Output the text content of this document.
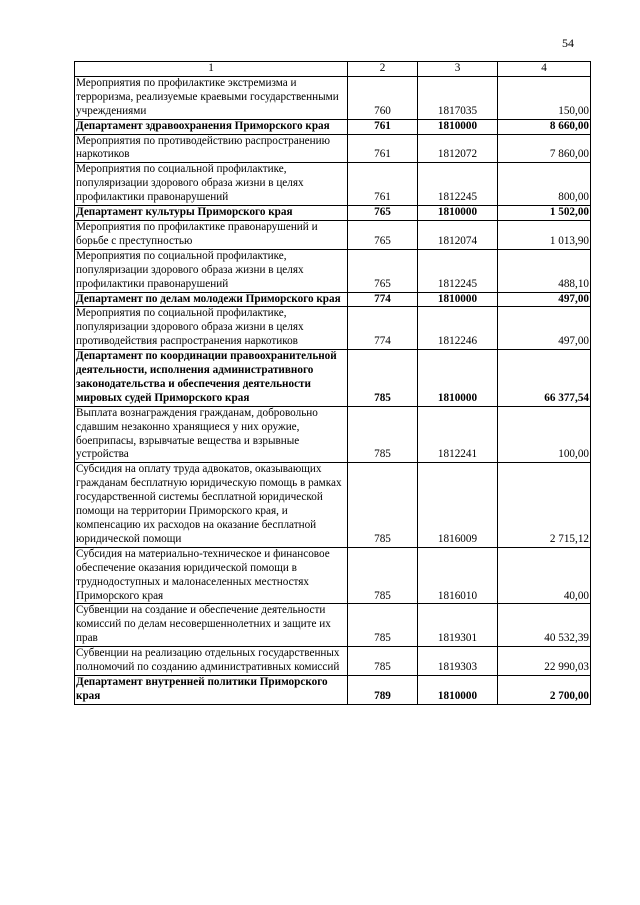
54
1	2	3	4
Мероприятия по профилактике экстремизма и терроризма, реализуемые краевыми государственными учреждениями	760	1817035	150,00
Департамент здравоохранения Приморского края	761	1810000	8 660,00
Мероприятия по противодействию распространению наркотиков	761	1812072	7 860,00
Мероприятия по социальной профилактике, популяризации здорового образа жизни в целях профилактики правонарушений	761	1812245	800,00
Департамент культуры Приморского края	765	1810000	1 502,00
Мероприятия по профилактике правонарушений и борьбе с преступностью	765	1812074	1 013,90
Мероприятия по социальной профилактике, популяризации здорового образа жизни в целях профилактики правонарушений	765	1812245	488,10
Департамент по делам молодежи Приморского края	774	1810000	497,00
Мероприятия по социальной профилактике, популяризации здорового образа жизни в целях противодействия распространения наркотиков	774	1812246	497,00
Департамент по координации правоохранительной деятельности, исполнения административного законодательства и обеспечения деятельности мировых судей Приморского края	785	1810000	66 377,54
Выплата вознаграждения гражданам, добровольно сдавшим незаконно хранящиеся у них оружие, боеприпасы, взрывчатые вещества и взрывные устройства	785	1812241	100,00
Субсидия на оплату труда адвокатов, оказывающих гражданам бесплатную юридическую помощь в рамках государственной системы бесплатной юридической помощи на территории Приморского края, и компенсацию их расходов на оказание бесплатной юридической помощи	785	1816009	2 715,12
Субсидия на материально-техническое и финансовое обеспечение оказания юридической помощи в труднодоступных и малонаселенных местностях Приморского края	785	1816010	40,00
Субвенции на создание и обеспечение деятельности комиссий по делам несовершеннолетних и защите их прав	785	1819301	40 532,39
Субвенции на реализацию отдельных государственных полномочий по созданию административных комиссий	785	1819303	22 990,03
Департамент внутренней политики Приморского края	789	1810000	2 700,00
